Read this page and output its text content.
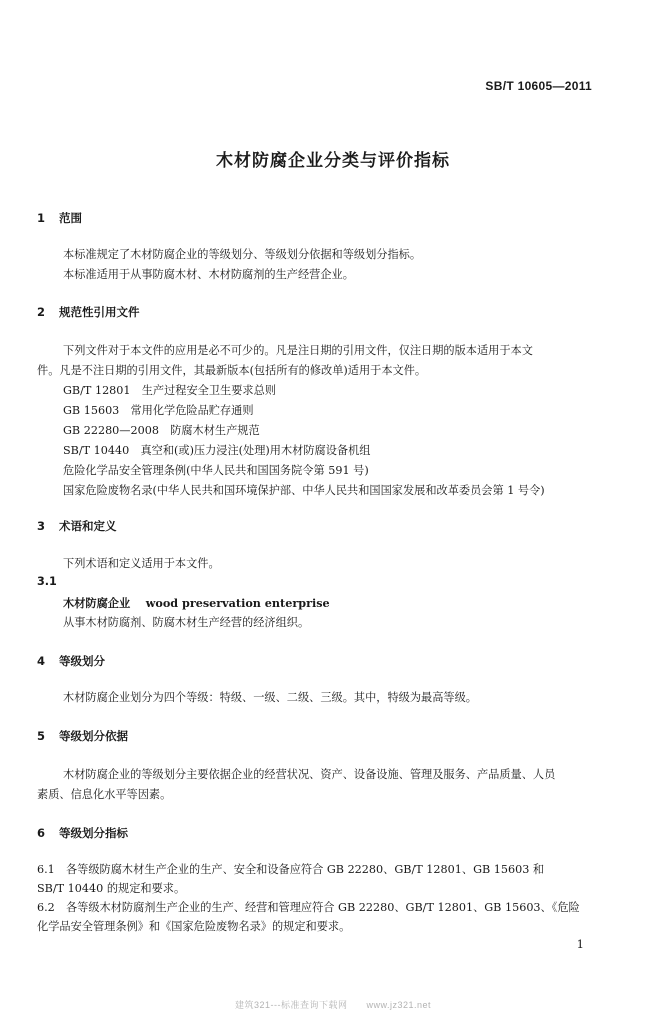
SB/T 10605—2011
木材防腐企业分类与评价指标
1 范围
本标准规定了木材防腐企业的等级划分、等级划分依据和等级划分指标。
本标准适用于从事防腐木材、木材防腐剂的生产经营企业。
2 规范性引用文件
下列文件对于本文件的应用是必不可少的。凡是注日期的引用文件，仅注日期的版本适用于本文
件。凡是不注日期的引用文件，其最新版本(包括所有的修改单)适用于本文件。
GB/T 12801　生产过程安全卫生要求总则
GB 15603　常用化学危险品贮存通则
GB 22280—2008　防腐木材生产规范
SB/T 10440　真空和(或)压力浸注(处理)用木材防腐设备机组
危险化学品安全管理条例(中华人民共和国国务院令第 591 号)
国家危险废物名录(中华人民共和国环境保护部、中华人民共和国国家发展和改革委员会第 1 号令)
3 术语和定义
下列术语和定义适用于本文件。
3.1
木材防腐企业 wood preservation enterprise
从事木材防腐剂、防腐木材生产经营的经济组织。
4 等级划分
木材防腐企业划分为四个等级：特级、一级、二级、三级。其中，特级为最高等级。
5 等级划分依据
木材防腐企业的等级划分主要依据企业的经营状况、资产、设备设施、管理及服务、产品质量、人员
素质、信息化水平等因素。
6 等级划分指标
6.1　各等级防腐木材生产企业的生产、安全和设备应符合 GB 22280、GB/T 12801、GB 15603 和
SB/T 10440 的规定和要求。
6.2　各等级木材防腐剂生产企业的生产、经营和管理应符合 GB 22280、GB/T 12801、GB 15603、《危险
化学品安全管理条例》和《国家危险废物名录》的规定和要求。
1
建筑321---标准查询下载网　　www.jz321.net
